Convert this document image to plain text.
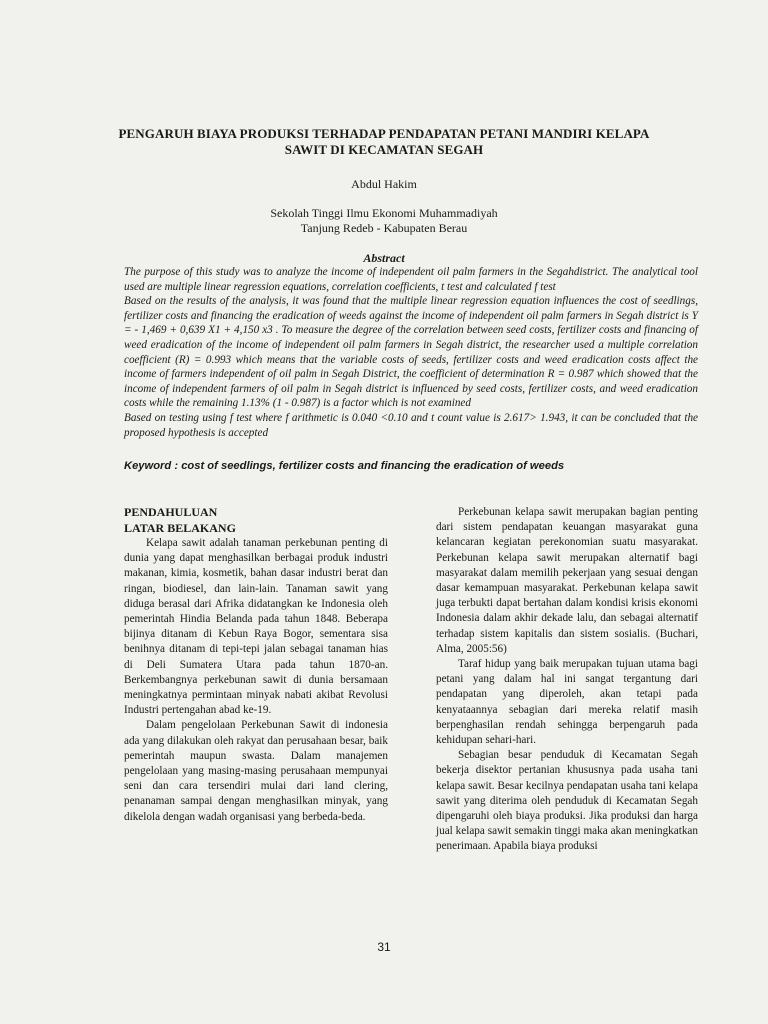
PENGARUH BIAYA PRODUKSI TERHADAP PENDAPATAN PETANI MANDIRI KELAPA SAWIT DI KECAMATAN SEGAH
Abdul Hakim
Sekolah Tinggi Ilmu Ekonomi Muhammadiyah
Tanjung Redeb - Kabupaten Berau
Abstract

The purpose of this study was to analyze the income of independent oil palm farmers in the Segahdistrict. The analytical tool used are multiple linear regression equations, correlation coefficients, t test and calculated f test

Based on the results of the analysis, it was found that the multiple linear regression equation influences the cost of seedlings, fertilizer costs and financing the eradication of weeds against the income of independent oil palm farmers in Segah district is Y = - 1,469 + 0,639 X1 + 4,150 x3 . To measure the degree of the correlation between seed costs, fertilizer costs and financing of weed eradication of the income of independent oil palm farmers in Segah district, the researcher used a multiple correlation coefficient (R) = 0.993 which means that the variable costs of seeds, fertilizer costs and weed eradication costs affect the income of farmers independent of oil palm in Segah District, the coefficient of determination R = 0.987 which showed that the income of independent farmers of oil palm in Segah district is influenced by seed costs, fertilizer costs, and weed eradication costs while the remaining 1.13% (1 - 0.987) is a factor which is not examined

Based on testing using f test where f arithmetic is 0.040 <0.10 and t count value is 2.617> 1.943, it can be concluded that the proposed hypothesis is accepted

Keyword : cost of seedlings, fertilizer costs and financing the eradication of weeds
PENDAHULUAN
LATAR BELAKANG

Kelapa sawit adalah tanaman perkebunan penting di dunia yang dapat menghasilkan berbagai produk industri makanan, kimia, kosmetik, bahan dasar industri berat dan ringan, biodiesel, dan lain-lain. Tanaman sawit yang diduga berasal dari Afrika didatangkan ke Indonesia oleh pemerintah Hindia Belanda pada tahun 1848. Beberapa bijinya ditanam di Kebun Raya Bogor, sementara sisa benihnya ditanam di tepi-tepi jalan sebagai tanaman hias di Deli Sumatera Utara pada tahun 1870-an. Berkembangnya perkebunan sawit di dunia bersamaan meningkatnya permintaan minyak nabati akibat Revolusi Industri pertengahan abad ke-19.

Dalam pengelolaan Perkebunan Sawit di indonesia ada yang dilakukan oleh rakyat dan perusahaan besar, baik pemerintah maupun swasta. Dalam manajemen pengelolaan yang masing-masing perusahaan mempunyai seni dan cara tersendiri mulai dari land clering, penanaman sampai dengan menghasilkan minyak, yang dikelola dengan wadah organisasi yang berbeda-beda.

Perkebunan kelapa sawit merupakan bagian penting dari sistem pendapatan keuangan masyarakat guna kelancaran kegiatan perekonomian suatu masyarakat. Perkebunan kelapa sawit merupakan alternatif bagi masyarakat dalam memilih pekerjaan yang sesuai dengan dasar kemampuan masyarakat. Perkebunan kelapa sawit juga terbukti dapat bertahan dalam kondisi krisis ekonomi Indonesia dalam akhir dekade lalu, dan sebagai alternatif terhadap sistem kapitalis dan sistem sosialis. (Buchari, Alma, 2005:56)

Taraf hidup yang baik merupakan tujuan utama bagi petani yang dalam hal ini sangat tergantung dari pendapatan yang diperoleh, akan tetapi pada kenyataannya sebagian dari mereka relatif masih berpenghasilan rendah sehingga berpengaruh pada kehidupan sehari-hari.

Sebagian besar penduduk di Kecamatan Segah bekerja disektor pertanian khususnya pada usaha tani kelapa sawit. Besar kecilnya pendapatan usaha tani kelapa sawit yang diterima oleh penduduk di Kecamatan Segah dipengaruhi oleh biaya produksi. Jika produksi dan harga jual kelapa sawit semakin tinggi maka akan meningkatkan penerimaan. Apabila biaya produksi

31
